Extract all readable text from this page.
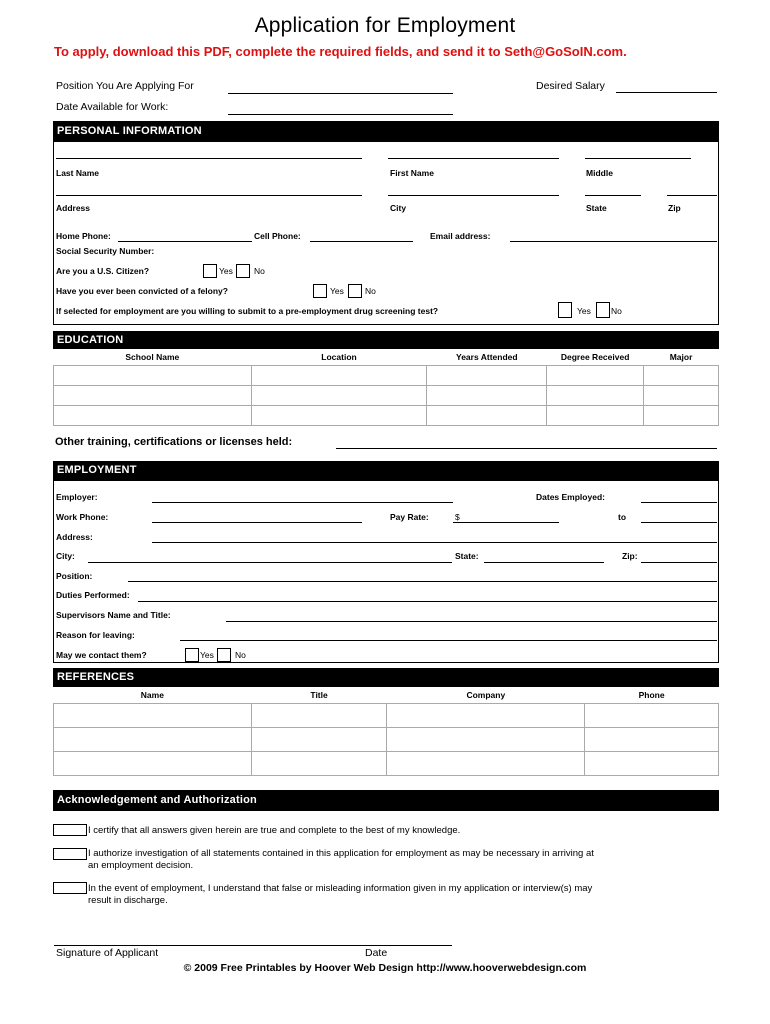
Application for Employment
To apply, download this PDF, complete the required fields, and send it to Seth@GoSoIN.com.
Position You Are Applying For	Desired Salary
Date Available for Work:
PERSONAL INFORMATION
Last Name	First Name	Middle
Address	City	State	Zip
Home Phone:	Cell Phone:	Email address:
Social Security Number:
Are you a U.S. Citizen?	Yes No
Have you ever been convicted of a felony?	Yes No
If selected for employment are you willing to submit to a pre-employment drug screening test?	Yes No
EDUCATION
School Name	Location	Years Attended	Degree Received	Major

Other training, certifications or licenses held:
EMPLOYMENT
Employer:	Dates Employed:
Work Phone:	Pay Rate:	$	to
Address:
City:	State:	Zip:
Position:
Duties Performed:
Supervisors Name and Title:
Reason for leaving:
May we contact them?	Yes No
REFERENCES
Name	Title	Company	Phone

Acknowledgement and Authorization
I certify that all answers given herein are true and complete to the best of my knowledge.
I authorize investigation of all statements contained in this application for employment as may be necessary in arriving at
an employment decision.
In the event of employment, I understand that false or misleading information given in my application or interview(s) may
result in discharge.
Signature of Applicant	Date
© 2009 Free Printables by Hoover Web Design http://www.hooverwebdesign.com
